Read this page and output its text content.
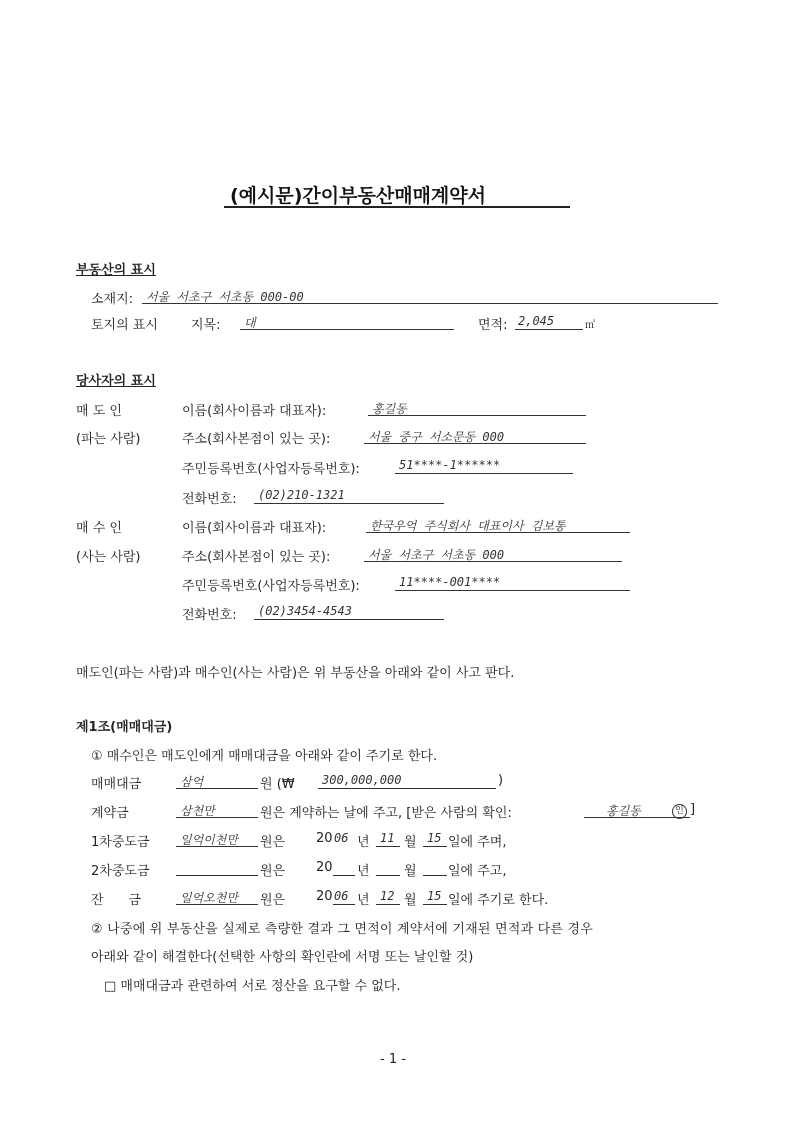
(예시문)간이부동산매매계약서
부동산의 표시
소재지: 서울 서초구 서초동 000-00
토지의 표시	지목: 대	면적: 2,045	㎡
당사자의 표시
매 도 인
(파는 사람)
이름(회사이름과 대표자):	홍길동
주소(회사본점이 있는 곳):	서울 중구 서소문동 000
주민등록번호(사업자등록번호):	51****-1******
전화번호: (02)210-1321
매 수 인
(사는 사람)
이름(회사이름과 대표자):	한국우억 주식회사 대표이사 김보통
주소(회사본점이 있는 곳):	서울 서초구 서초동 000
주민등록번호(사업자등록번호):	11****-001****
전화번호: (02)3454-4543
매도인(파는 사람)과 매수인(사는 사람)은 위 부동산을 아래와 같이 사고 판다.
제1조(매매대금)
① 매수인은 매도인에게 매매대금을 아래와 같이 주기로 한다.
매매대금	삼억	원 (₩ 300,000,000	)
계약금	삼천만	원은 계약하는 날에 주고, [받은 사람의 확인:	홍길동	인 ]
1차중도금	일억이천만 원은 20 06 년 11 월 15 일에 주며,
2차중도금	원은 20 년	월 일에 주고,
잔      금	일억오천만 원은 20 06 년 12 월 15 일에 주기로 한다.
② 나중에 위 부동산을 실제로 측량한 결과 그 면적이 계약서에 기재된 면적과 다른 경우
아래와 같이 해결한다(선택한 사항의 확인란에 서명 또는 날인할 것)
□ 매매대금과 관련하여 서로 정산을 요구할 수 없다.
- 1 -
